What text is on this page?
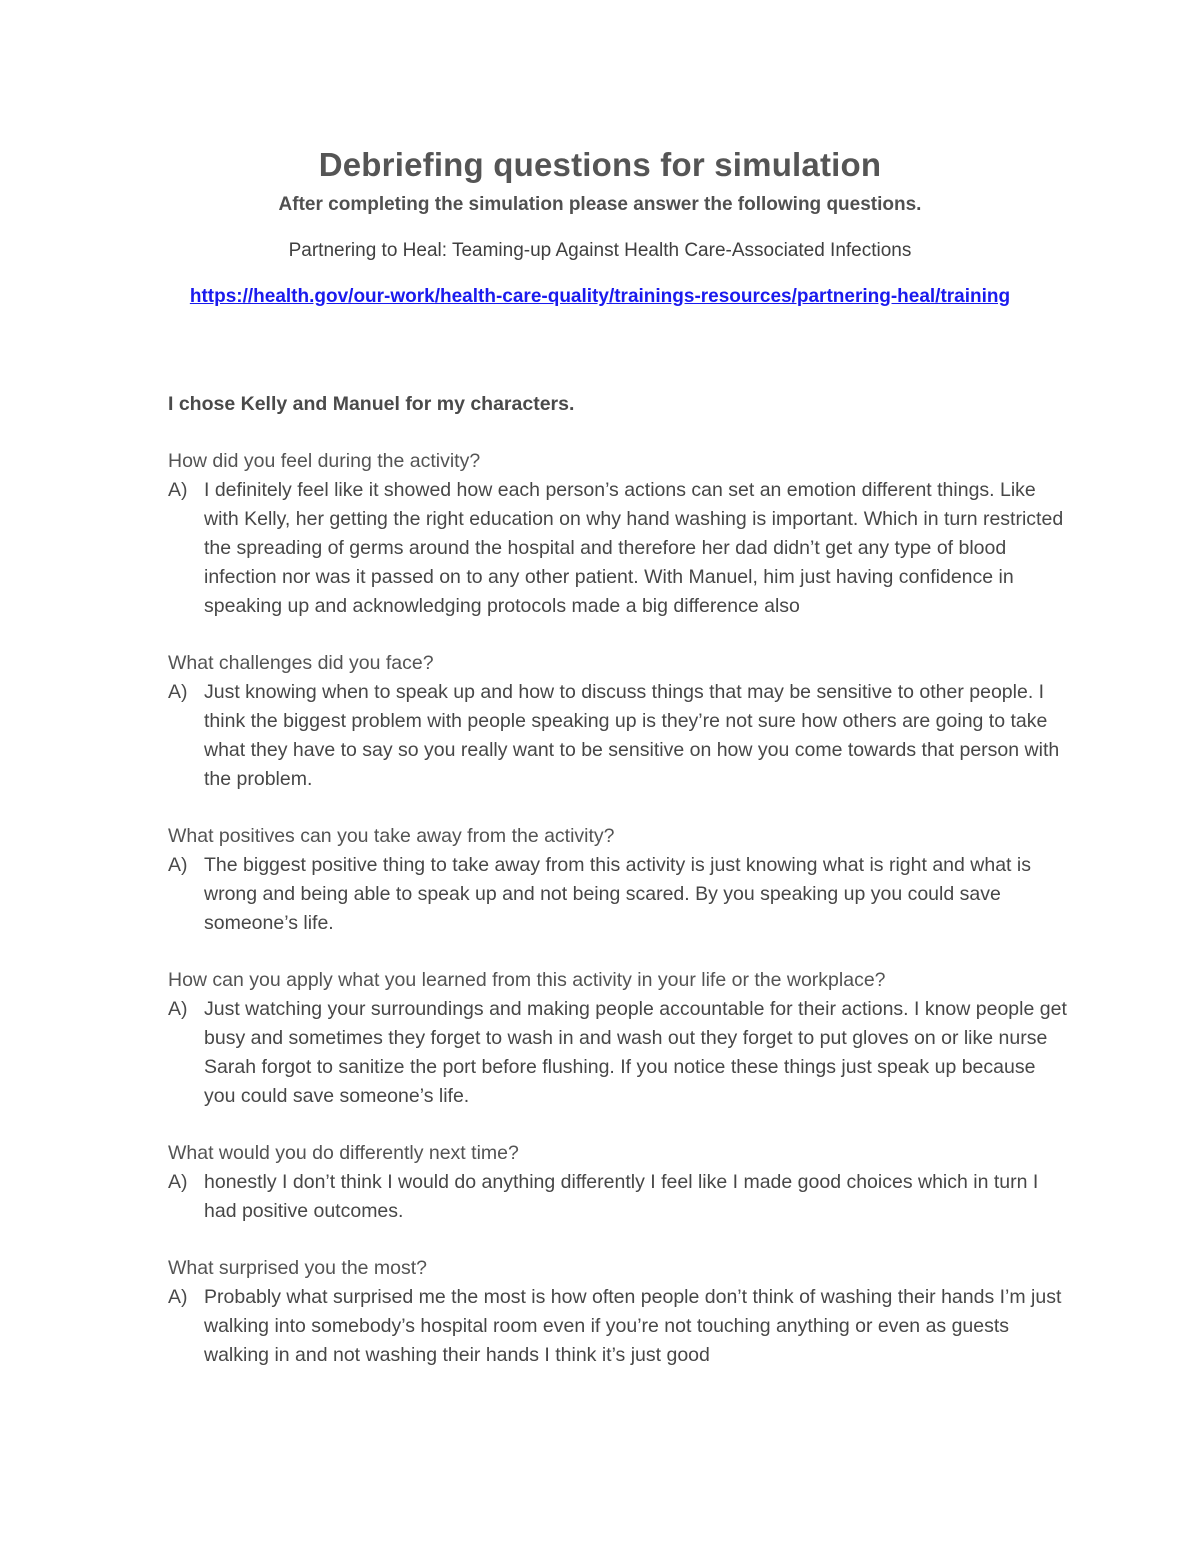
Debriefing questions for simulation
After completing the simulation please answer the following questions.
Partnering to Heal: Teaming-up Against Health Care-Associated Infections
https://health.gov/our-work/health-care-quality/trainings-resources/partnering-heal/training

I chose Kelly and Manuel for my characters.

How did you feel during the activity?

A) I definitely feel like it showed how each person’s actions can set an emotion different things. Like with Kelly, her getting the right education on why hand washing is important. Which in turn restricted the spreading of germs around the hospital and therefore her dad didn’t get any type of blood infection nor was it passed on to any other patient. With Manuel, him just having confidence in speaking up and acknowledging protocols made a big difference also

What challenges did you face?

A) Just knowing when to speak up and how to discuss things that may be sensitive to other people. I think the biggest problem with people speaking up is they’re not sure how others are going to take what they have to say so you really want to be sensitive on how you come towards that person with the problem.

What positives can you take away from the activity?

A) The biggest positive thing to take away from this activity is just knowing what is right and what is wrong and being able to speak up and not being scared. By you speaking up you could save someone’s life.

How can you apply what you learned from this activity in your life or the workplace?

A) Just watching your surroundings and making people accountable for their actions. I know people get busy and sometimes they forget to wash in and wash out they forget to put gloves on or like nurse Sarah forgot to sanitize the port before flushing. If you notice these things just speak up because you could save someone’s life.

What would you do differently next time?

A) honestly I don’t think I would do anything differently I feel like I made good choices which in turn I had positive outcomes.

What surprised you the most?

A) Probably what surprised me the most is how often people don’t think of washing their hands I’m just walking into somebody’s hospital room even if you’re not touching anything or even as guests walking in and not washing their hands I think it’s just good
